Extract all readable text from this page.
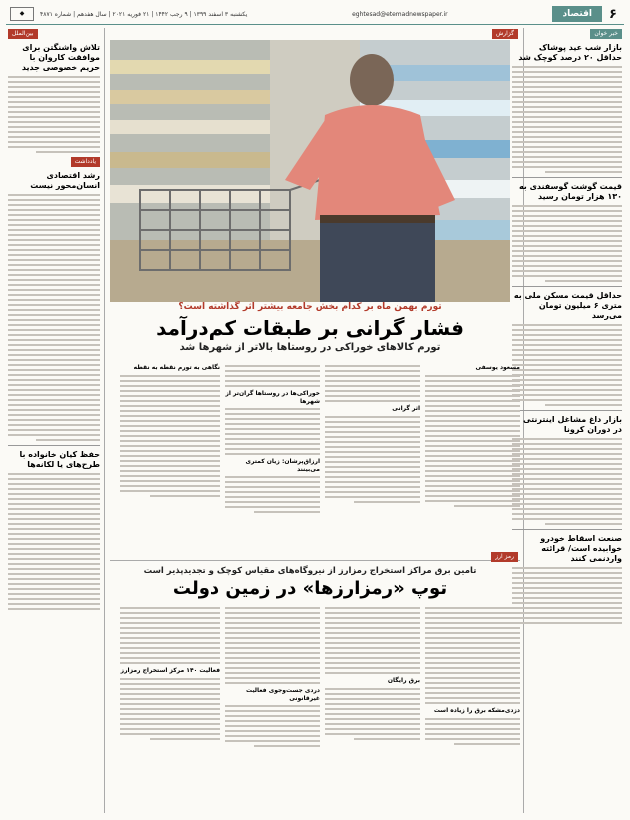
۶
اقتصاد
eghtesad@etemadnewspaper.ir
یکشنبه ۳ اسفند ۱۳۹۹ | ۹ رجب ۱۴۴۲ | ۲۱ فوریه ۲۰۲۱ | سال هفدهم | شماره ۴۸۷۱
◆
خبر خوان
بازار شب عید پوشاک حداقل ۲۰ درصد کوچک شد
قیمت گوشت گوسفندی به ۱۳۰ هزار تومان رسید
حداقل قیمت مسکن ملی به متری ۶ میلیون تومان می‌رسد
بازار داغ مشاغل اینترنتی در دوران کرونا
صنعت اسقاط خودرو خوابیده است/ قرائته واردنمی کنند
بین‌الملل
تلاش واشنگتن برای موافقت کاروان با حریم خصوصی جدید
یادداشت
رشد اقتصادی انسان‌محور نیست
حفظ کیان خانواده با طرح‌های یا لکانه‌ها
گزارش
تورم بهمن ماه بر کدام بخش جامعه بیشتر اثر گذاشته است؟
فشار گرانی بر طبقات کم‌درآمد
تورم کالاهای خوراکی در روستاها بالاتر از شهرها شد
مسعود یوسفی
اثر گرانی
خوراکی‌ها در روستاها گران‌تر از شهرها
ارزاق‌پرشان: زیان کمتری می‌بینند
نگاهی به تورم نقطه به نقطه
رمز ارز
تامین برق مراکز استخراج رمزارز از نیروگاه‌های مقیاس کوچک و تجدیدپذیر است
توپ «رمزارزها» در زمین دولت
دزدی‌مشکه برق را زیاده است
برق رایگان
دردی جست‌وجوی فعالیت غیرقانونی
فعالیت ۱۴۰ مرکز استخراج رمزارز
